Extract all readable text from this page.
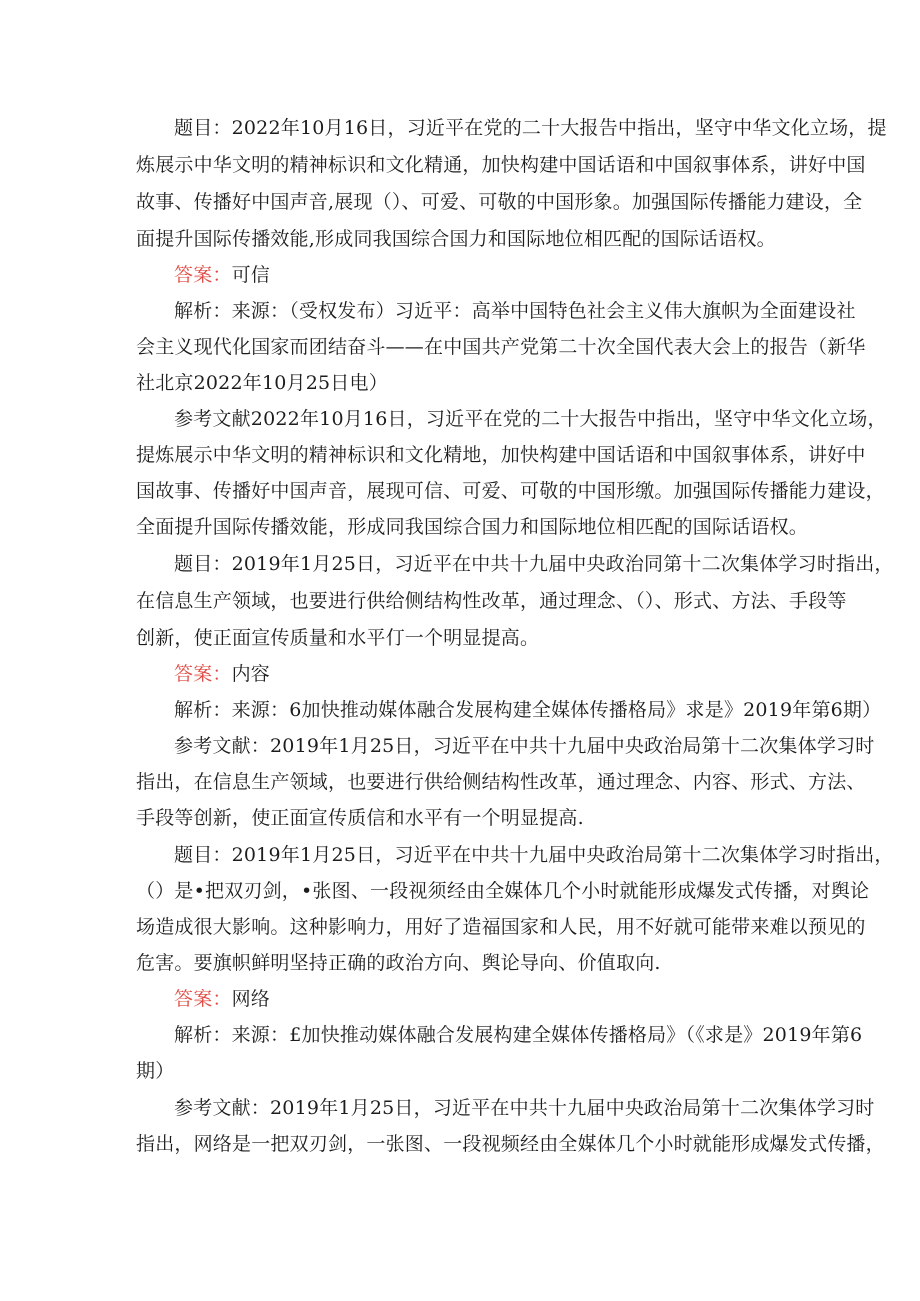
题目：2022年10月16日，习近平在党的二十大报告中指出，坚守中华文化立场，提

炼展示中华文明的精神标识和文化精通，加快构建中国话语和中国叙事体系，讲好中国

故事、传播好中国声音,展现（）、可爱、可敬的中国形象。加强国际传播能力建设，全

面提升国际传播效能,形成同我国综合国力和国际地位相匹配的国际话语权。

答案：可信

解析：来源：（受权发布）习近平：高举中国特色社会主义伟大旗帜为全面建设社

会主义现代化国家而团结奋斗——在中国共产党第二十次全国代表大会上的报告（新华

社北京2022年10月25日电）

参考文献2022年10月16日，习近平在党的二十大报告中指出，坚守中华文化立场，

提炼展示中华文明的精神标识和文化精地，加快构建中国话语和中国叙事体系，讲好中

国故事、传播好中国声音，展现可信、可爱、可敬的中国形缴。加强国际传播能力建设，

全面提升国际传播效能，形成同我国综合国力和国际地位相匹配的国际话语权。

题目：2019年1月25日，习近平在中共十九届中央政治同第十二次集体学习时指出，

在信息生产领域，也要进行供给侧结构性改革，通过理念、（）、形式、方法、手段等

创新，使正面宣传质量和水平仃一个明显提高。

答案：内容

解析：来源：6加快推动媒体融合发展构建全媒体传播格局》求是》2019年第6期）

参考文献：2019年1月25日，习近平在中共十九届中央政治局第十二次集体学习时

指出，在信息生产领域，也要进行供给侧结构性改革，通过理念、内容、形式、方法、

手段等创新，使正面宣传质信和水平有一个明显提高.

题目：2019年1月25日，习近平在中共十九届中央政治局第十二次集体学习时指出，

（）是•把双刃剑，•张图、一段视须经由全媒体几个小时就能形成爆发式传播，对舆论

场造成很大影响。这种影响力，用好了造福国家和人民，用不好就可能带来难以预见的

危害。要旗帜鲜明坚持正确的政治方向、舆论导向、价值取向.

答案：网络

解析：来源：£加快推动媒体融合发展构建全媒体传播格局》（《求是》2019年第6

期）

参考文献：2019年1月25日，习近平在中共十九届中央政治局第十二次集体学习时

指出，网络是一把双刃剑，一张图、一段视频经由全媒体几个小时就能形成爆发式传播，
